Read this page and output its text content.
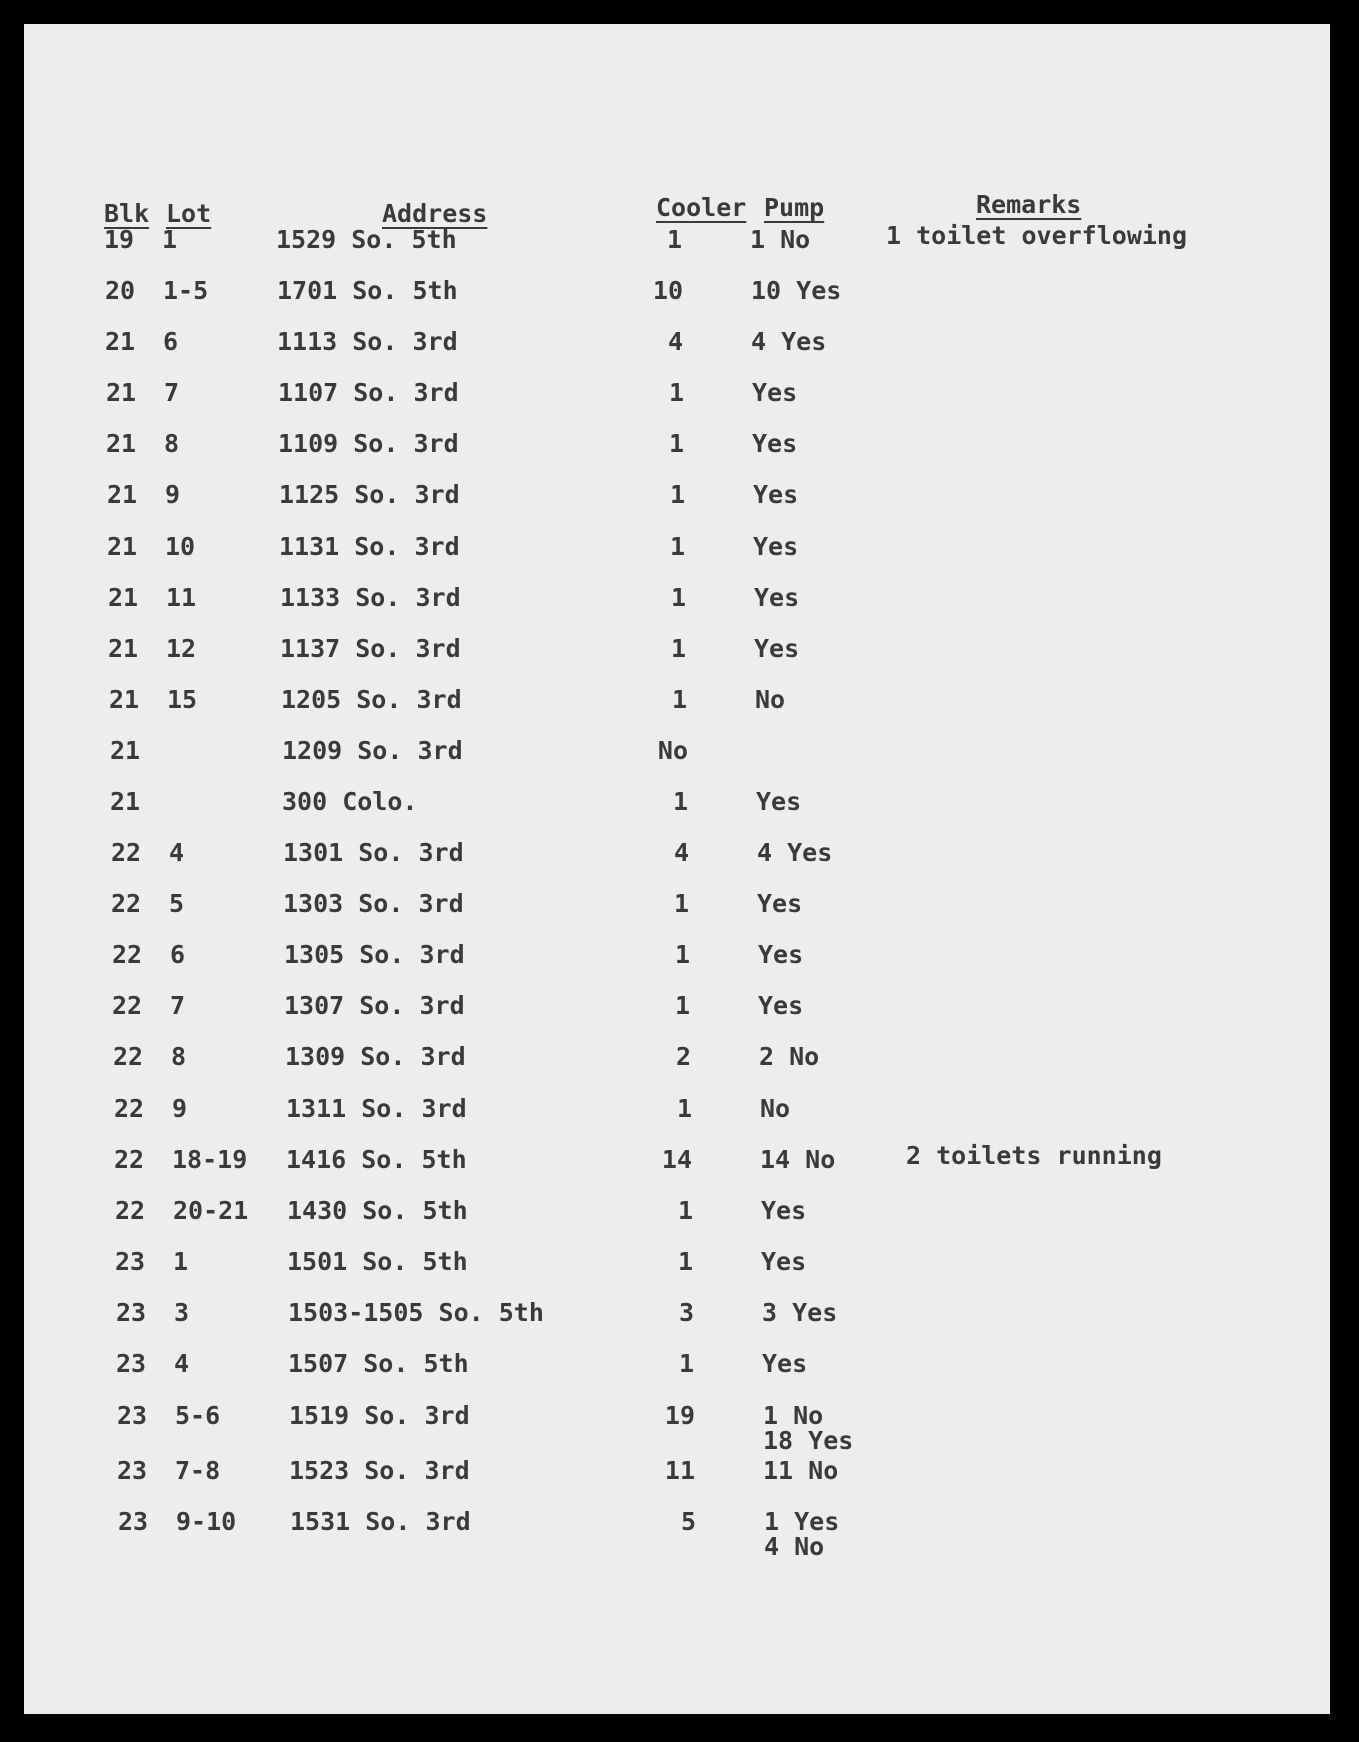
Blk Lot	Address	Cooler Pump	Remarks
19 1	1529 So. 5th	1	1 No	1 toilet overflowing
20 1-5	1701 So. 5th	10	10 Yes
21 6	1113 So. 3rd	4	4 Yes
21 7	1107 So. 3rd	1	Yes
21 8	1109 So. 3rd	1	Yes
21 9	1125 So. 3rd	1	Yes
21 10	1131 So. 3rd	1	Yes
21 11	1133 So. 3rd	1	Yes
21 12	1137 So. 3rd	1	Yes
21 15	1205 So. 3rd	1	No
21	1209 So. 3rd	No
21	300 Colo.	1	Yes
22 4	1301 So. 3rd	4	4 Yes
22 5	1303 So. 3rd	1	Yes
22 6	1305 So. 3rd	1	Yes
22 7	1307 So. 3rd	1	Yes
22 8	1309 So. 3rd	2	2 No
22 9	1311 So. 3rd	1	No
22 18-19 1416 So. 5th	14	14 No	2 toilets running
22 20-21 1430 So. 5th	1	Yes
23 1	1501 So. 5th	1	Yes
23 3	1503-1505 So. 5th	3	3 Yes
23 4	1507 So. 5th	1	Yes
23 5-6	1519 So. 3rd	19	1 No
18 Yes
23 7-8	1523 So. 3rd	11	11 No
23 9-10 1531 So. 3rd	5	1 Yes
4 No
